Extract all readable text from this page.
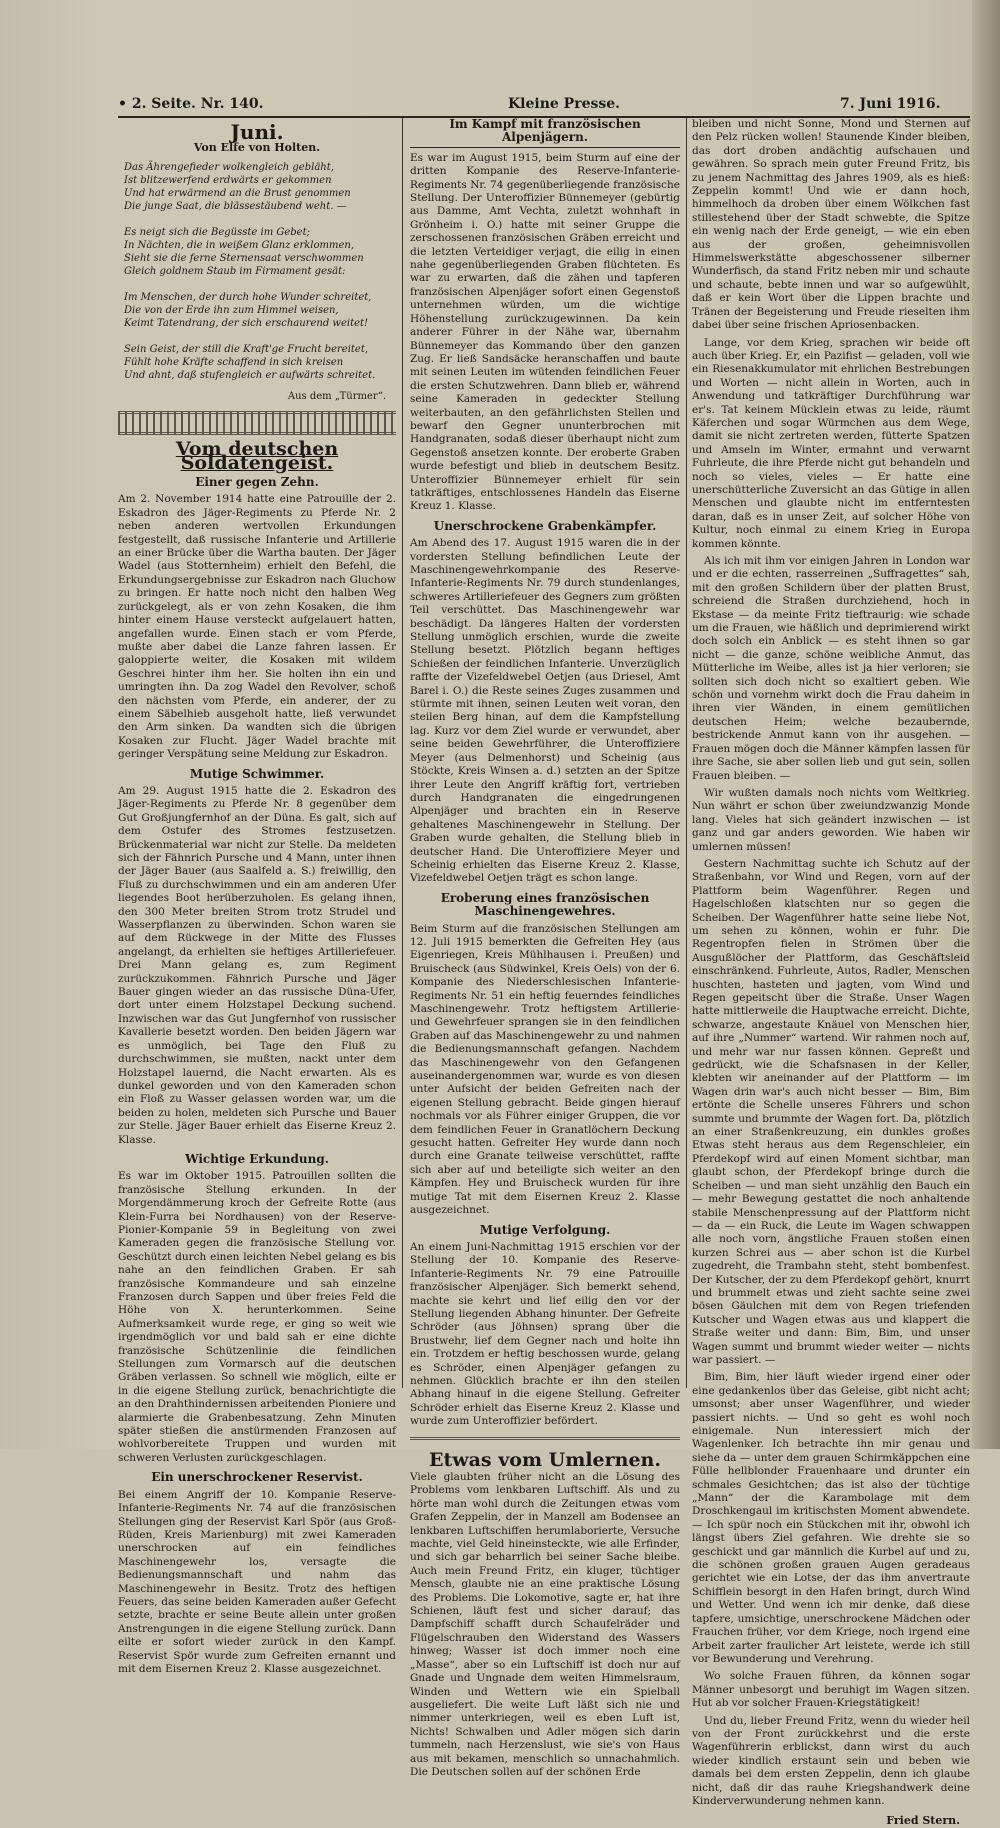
• 2. Seite. Nr. 140.	Kleine Presse.	7. Juni 1916.
Juni.
Von Elfe von Holten.
Das Ährengefieder wolkengleich gebläht,
Ist blitzewerfend erdwärts er gekommen
Und hat erwärmend an die Brust genommen
Die junge Saat, die blässestäubend weht. —

Es neigt sich die Begüsste im Gebet;
In Nächten, die in weißem Glanz erklommen,
Sieht sie die ferne Sternensaat verschwommen
Gleich goldnem Staub im Firmament gesät:

Im Menschen, der durch hohe Wunder schreitet,
Die von der Erde ihn zum Himmel weisen,
Keimt Tatendrang, der sich erschaurend weitet!

Sein Geist, der still die Kraft'ge Frucht bereitet,
Fühlt hohe Kräfte schaffend in sich kreisen
Und ahnt, daß stufengleich er aufwärts schreitet.
Aus dem „Türmer“.
Vom deutschen Soldatengeist.
Einer gegen Zehn.

Am 2. November 1914 hatte eine Patrouille der 2. Eskadron des Jäger-Regiments zu Pferde Nr. 2 neben anderen wertvollen Erkundungen festgestellt, daß russische Infanterie und Artillerie an einer Brücke über die Wartha bauten. Der Jäger Wadel (aus Stotternheim) erhielt den Befehl, die Erkundungsergebnisse zur Eskadron nach Gluchow zu bringen. Er hatte noch nicht den halben Weg zurückgelegt, als er von zehn Kosaken, die ihm hinter einem Hause versteckt aufgelauert hatten, angefallen wurde. Einen stach er vom Pferde, mußte aber dabei die Lanze fahren lassen. Er galoppierte weiter, die Kosaken mit wildem Geschrei hinter ihm her. Sie holten ihn ein und umringten ihn. Da zog Wadel den Revolver, schoß den nächsten vom Pferde, ein anderer, der zu einem Säbelhieb ausgeholt hatte, ließ verwundet den Arm sinken. Da wandten sich die übrigen Kosaken zur Flucht. Jäger Wadel brachte mit geringer Verspätung seine Meldung zur Eskadron.

Mutige Schwimmer.

Am 29. August 1915 hatte die 2. Eskadron des Jäger-Regiments zu Pferde Nr. 8 gegenüber dem Gut Großjungfernhof an der Düna. Es galt, sich auf dem Ostufer des Stromes festzusetzen. Brückenmaterial war nicht zur Stelle. Da meldeten sich der Fähnrich Pursche und 4 Mann, unter ihnen der Jäger Bauer (aus Saalfeld a. S.) freiwillig, den Fluß zu durchschwimmen und ein am anderen Ufer liegendes Boot herüberzuholen. Es gelang ihnen, den 300 Meter breiten Strom trotz Strudel und Wasserpflanzen zu überwinden. Schon waren sie auf dem Rückwege in der Mitte des Flusses angelangt, da erhielten sie heftiges Artilleriefeuer. Drei Mann gelang es, zum Regiment zurückzukommen. Fähnrich Pursche und Jäger Bauer gingen wieder an das russische Düna-Ufer, dort unter einem Holzstapel Deckung suchend. Inzwischen war das Gut Jungfernhof von russischer Kavallerie besetzt worden. Den beiden Jägern war es unmöglich, bei Tage den Fluß zu durchschwimmen, sie mußten, nackt unter dem Holzstapel lauernd, die Nacht erwarten. Als es dunkel geworden und von den Kameraden schon ein Floß zu Wasser gelassen worden war, um die beiden zu holen, meldeten sich Pursche und Bauer zur Stelle. Jäger Bauer erhielt das Eiserne Kreuz 2. Klasse.

Wichtige Erkundung.

Es war im Oktober 1915. Patrouillen sollten die französische Stellung erkunden. In der Morgendämmerung kroch der Gefreite Rotte (aus Klein-Furra bei Nordhausen) von der Reserve-Pionier-Kompanie 59 in Begleitung von zwei Kameraden gegen die französische Stellung vor. Geschützt durch einen leichten Nebel gelang es bis nahe an den feindlichen Graben. Er sah französische Kommandeure und sah einzelne Franzosen durch Sappen und über freies Feld die Höhe von X. herunterkommen. Seine Aufmerksamkeit wurde rege, er ging so weit wie irgendmöglich vor und bald sah er eine dichte französische Schützenlinie die feindlichen Stellungen zum Vormarsch auf die deutschen Gräben verlassen. So schnell wie möglich, eilte er in die eigene Stellung zurück, benachrichtigte die an den Drahthindernissen arbeitenden Pioniere und alarmierte die Grabenbesatzung. Zehn Minuten später stießen die anstürmenden Franzosen auf wohlvorbereitete Truppen und wurden mit schweren Verlusten zurückgeschlagen.

Ein unerschrockener Reservist.

Bei einem Angriff der 10. Kompanie Reserve-Infanterie-Regiments Nr. 74 auf die französischen Stellungen ging der Reservist Karl Spör (aus Groß-Rüden, Kreis Marienburg) mit zwei Kameraden unerschrocken auf ein feindliches Maschinengewehr los, versagte die Bedienungsmannschaft und nahm das Maschinengewehr in Besitz. Trotz des heftigen Feuers, das seine beiden Kameraden außer Gefecht setzte, brachte er seine Beute allein unter großen Anstrengungen in die eigene Stellung zurück. Dann eilte er sofort wieder zurück in den Kampf. Reservist Spör wurde zum Gefreiten ernannt und mit dem Eisernen Kreuz 2. Klasse ausgezeichnet.

Im Kampf mit französischen Alpenjägern.

Es war im August 1915, beim Sturm auf eine der dritten Kompanie des Reserve-Infanterie-Regiments Nr. 74 gegenüberliegende französische Stellung. Der Unteroffizier Bünnemeyer (gebürtig aus Damme, Amt Vechta, zuletzt wohnhaft in Grönheim i. O.) hatte mit seiner Gruppe die zerschossenen französischen Gräben erreicht und die letzten Verteidiger verjagt, die eilig in einen nahe gegenüberliegenden Graben flüchteten. Es war zu erwarten, daß die zähen und tapferen französischen Alpenjäger sofort einen Gegenstoß unternehmen würden, um die wichtige Höhenstellung zurückzugewinnen. Da kein anderer Führer in der Nähe war, übernahm Bünnemeyer das Kommando über den ganzen Zug. Er ließ Sandsäcke heranschaffen und baute mit seinen Leuten im wütenden feindlichen Feuer die ersten Schutzwehren. Dann blieb er, während seine Kameraden in gedeckter Stellung weiterbauten, an den gefährlichsten Stellen und bewarf den Gegner ununterbrochen mit Handgranaten, sodaß dieser überhaupt nicht zum Gegenstoß ansetzen konnte. Der eroberte Graben wurde befestigt und blieb in deutschem Besitz. Unteroffizier Bünnemeyer erhielt für sein tatkräftiges, entschlossenes Handeln das Eiserne Kreuz 1. Klasse.

Unerschrockene Grabenkämpfer.

Am Abend des 17. August 1915 waren die in der vordersten Stellung befindlichen Leute der Maschinengewehrkompanie des Reserve-Infanterie-Regiments Nr. 79 durch stundenlanges, schweres Artilleriefeuer des Gegners zum größten Teil verschüttet. Das Maschinengewehr war beschädigt. Da längeres Halten der vordersten Stellung unmöglich erschien, wurde die zweite Stellung besetzt. Plötzlich begann heftiges Schießen der feindlichen Infanterie. Unverzüglich raffte der Vizefeldwebel Oetjen (aus Driesel, Amt Barel i. O.) die Reste seines Zuges zusammen und stürmte mit ihnen, seinen Leuten weit voran, den steilen Berg hinan, auf dem die Kampfstellung lag. Kurz vor dem Ziel wurde er verwundet, aber seine beiden Gewehrführer, die Unteroffiziere Meyer (aus Delmenhorst) und Scheinig (aus Stöckte, Kreis Winsen a. d.) setzten an der Spitze ihrer Leute den Angriff kräftig fort, vertrieben durch Handgranaten die eingedrungenen Alpenjäger und brachten ein in Reserve gehaltenes Maschinengewehr in Stellung. Der Graben wurde gehalten, die Stellung blieb in deutscher Hand. Die Unteroffiziere Meyer und Scheinig erhielten das Eiserne Kreuz 2. Klasse, Vizefeldwebel Oetjen trägt es schon lange.

Eroberung eines französischen Maschinengewehres.

Beim Sturm auf die französischen Stellungen am 12. Juli 1915 bemerkten die Gefreiten Hey (aus Eigenriegen, Kreis Mühlhausen i. Preußen) und Bruischeck (aus Südwinkel, Kreis Oels) von der 6. Kompanie des Niederschlesischen Infanterie-Regiments Nr. 51 ein heftig feuerndes feindliches Maschinengewehr. Trotz heftigstem Artillerie- und Gewehrfeuer sprangen sie in den feindlichen Graben auf das Maschinengewehr zu und nahmen die Bedienungsmannschaft gefangen. Nachdem das Maschinengewehr von den Gefangenen auseinandergenommen war, wurde es von diesen unter Aufsicht der beiden Gefreiten nach der eigenen Stellung gebracht. Beide gingen hierauf nochmals vor als Führer einiger Gruppen, die vor dem feindlichen Feuer in Granatlöchern Deckung gesucht hatten. Gefreiter Hey wurde dann noch durch eine Granate teilweise verschüttet, raffte sich aber auf und beteiligte sich weiter an den Kämpfen. Hey und Bruischeck wurden für ihre mutige Tat mit dem Eisernen Kreuz 2. Klasse ausgezeichnet.

Mutige Verfolgung.

An einem Juni-Nachmittag 1915 erschien vor der Stellung der 10. Kompanie des Reserve-Infanterie-Regiments Nr. 79 eine Patrouille französischer Alpenjäger. Sich bemerkt sehend, machte sie kehrt und lief eilig den vor der Stellung liegenden Abhang hinunter. Der Gefreite Schröder (aus Jöhnsen) sprang über die Brustwehr, lief dem Gegner nach und holte ihn ein. Trotzdem er heftig beschossen wurde, gelang es Schröder, einen Alpenjäger gefangen zu nehmen. Glücklich brachte er ihn den steilen Abhang hinauf in die eigene Stellung. Gefreiter Schröder erhielt das Eiserne Kreuz 2. Klasse und wurde zum Unteroffizier befördert.

Etwas vom Umlernen.

Viele glaubten früher nicht an die Lösung des Problems vom lenkbaren Luftschiff. Als und zu hörte man wohl durch die Zeitungen etwas vom Grafen Zeppelin, der in Manzell am Bodensee an lenkbaren Luftschiffen herumlaborierte, Versuche machte, viel Geld hineinsteckte, wie alle Erfinder, und sich gar beharrlich bei seiner Sache bleibe. Auch mein Freund Fritz, ein kluger, tüchtiger Mensch, glaubte nie an eine praktische Lösung des Problems. Die Lokomotive, sagte er, hat ihre Schienen, läuft fest und sicher darauf; das Dampfschiff schafft durch Schaufelräder und Flügelschrauben den Widerstand des Wassers hinweg; Wasser ist doch immer noch eine „Masse“, aber so ein Luftschiff ist doch nur auf Gnade und Ungnade dem weiten Himmelsraum, Winden und Wettern wie ein Spielball ausgeliefert. Die weite Luft läßt sich nie und nimmer unterkriegen, weil es eben Luft ist, Nichts! Schwalben und Adler mögen sich darin tummeln, nach Herzenslust, wie sie's von Haus aus mit bekamen, menschlich so unnachahmlich. Die Deutschen sollen auf der schönen Erde

bleiben und nicht Sonne, Mond und Sternen auf den Pelz rücken wollen! Staunende Kinder bleiben, das dort droben andächtig aufschauen und gewähren. So sprach mein guter Freund Fritz, bis zu jenem Nachmittag des Jahres 1909, als es hieß: Zeppelin kommt! Und wie er dann hoch, himmelhoch da droben über einem Wölkchen fast stillestehend über der Stadt schwebte, die Spitze ein wenig nach der Erde geneigt, — wie ein eben aus der großen, geheimnisvollen Himmelswerkstätte abgeschossener silberner Wunderfisch, da stand Fritz neben mir und schaute und schaute, bebte innen und war so aufgewühlt, daß er kein Wort über die Lippen brachte und Tränen der Begeisterung und Freude rieselten ihm dabei über seine frischen Apriosenbacken.

Lange, vor dem Krieg, sprachen wir beide oft auch über Krieg. Er, ein Pazifist — geladen, voll wie ein Riesenakkumulator mit ehrlichen Bestrebungen und Worten — nicht allein in Worten, auch in Anwendung und tatkräftiger Durchführung war er's. Tat keinem Mücklein etwas zu leide, räumt Käferchen und sogar Würmchen aus dem Wege, damit sie nicht zertreten werden, fütterte Spatzen und Amseln im Winter, ermahnt und verwarnt Fuhrleute, die ihre Pferde nicht gut behandeln und noch so vieles, vieles — Er hatte eine unerschütterliche Zuversicht an das Gütige in allen Menschen und glaubte nicht im entferntesten daran, daß es in unser Zeit, auf solcher Höhe von Kultur, noch einmal zu einem Krieg in Europa kommen könnte.

Als ich mit ihm vor einigen Jahren in London war und er die echten, rasserreinen „Suffragettes“ sah, mit den großen Schildern über der platten Brust, schreiend die Straßen durchziehend, hoch in Ekstase — da meinte Fritz tieftraurig: wie schade um die Frauen, wie häßlich und deprimierend wirkt doch solch ein Anblick — es steht ihnen so gar nicht — die ganze, schöne weibliche Anmut, das Mütterliche im Weibe, alles ist ja hier verloren; sie sollten sich doch nicht so exaltiert geben. Wie schön und vornehm wirkt doch die Frau daheim in ihren vier Wänden, in einem gemütlichen deutschen Heim; welche bezaubernde, bestrickende Anmut kann von ihr ausgehen. — Frauen mögen doch die Männer kämpfen lassen für ihre Sache, sie aber sollen lieb und gut sein, sollen Frauen bleiben. —

Wir wußten damals noch nichts vom Weltkrieg. Nun währt er schon über zweiundzwanzig Monde lang. Vieles hat sich geändert inzwischen — ist ganz und gar anders geworden. Wie haben wir umlernen müssen!

Gestern Nachmittag suchte ich Schutz auf der Straßenbahn, vor Wind und Regen, vorn auf der Plattform beim Wagenführer. Regen und Hagelschloßen klatschten nur so gegen die Scheiben. Der Wagenführer hatte seine liebe Not, um sehen zu können, wohin er fuhr. Die Regentropfen fielen in Strömen über die Ausgußlöcher der Plattform, das Geschäftsleid einschränkend. Fuhrleute, Autos, Radler, Menschen huschten, hasteten und jagten, vom Wind und Regen gepeitscht über die Straße. Unser Wagen hatte mittlerweile die Hauptwache erreicht. Dichte, schwarze, angestaute Knäuel von Menschen hier, auf ihre „Nummer“ wartend. Wir rahmen noch auf, und mehr war nur fassen können. Gepreßt und gedrückt, wie die Schafsnasen in der Keller, klebten wir aneinander auf der Plattform — im Wagen drin war's auch nicht besser — Bim, Bim ertönte die Schelle unseres Führers und schon summte und brummte der Wagen fort. Da, plötzlich an einer Straßenkreuzung, ein dunkles großes Etwas steht heraus aus dem Regenschleier, ein Pferdekopf wird auf einen Moment sichtbar, man glaubt schon, der Pferdekopf bringe durch die Scheiben — und man sieht unzählig den Bauch ein — mehr Bewegung gestattet die noch anhaltende stabile Menschenpressung auf der Plattform nicht — da — ein Ruck, die Leute im Wagen schwappen alle noch vorn, ängstliche Frauen stoßen einen kurzen Schrei aus — aber schon ist die Kurbel zugedreht, die Trambahn steht, steht bombenfest. Der Kutscher, der zu dem Pferdekopf gehört, knurrt und brummelt etwas und zieht sachte seine zwei bösen Gäulchen mit dem von Regen triefenden Kutscher und Wagen etwas aus und klappert die Straße weiter und dann: Bim, Bim, und unser Wagen summt und brummt wieder weiter — nichts war passiert. —

Bim, Bim, hier läuft wieder irgend einer oder eine gedankenlos über das Geleise, gibt nicht acht; umsonst; aber unser Wagenführer, und wieder passiert nichts. — Und so geht es wohl noch einigemale. Nun interessiert mich der Wagenlenker. Ich betrachte ihn mir genau und siehe da — unter dem grauen Schirmkäppchen eine Fülle hellblonder Frauenhaare und drunter ein schmales Gesichtchen; das ist also der tüchtige „Mann“ der die Karambolage mit dem Droschkengaul im kritischsten Moment abwendete. — Ich spür noch ein Stückchen mit ihr, obwohl ich längst übers Ziel gefahren. Wie drehte sie so geschickt und gar männlich die Kurbel auf und zu, die schönen großen grauen Augen geradeaus gerichtet wie ein Lotse, der das ihm anvertraute Schifflein besorgt in den Hafen bringt, durch Wind und Wetter. Und wenn ich mir denke, daß diese tapfere, umsichtige, unerschrockene Mädchen oder Frauchen früher, vor dem Kriege, noch irgend eine Arbeit zarter fraulicher Art leistete, werde ich still vor Bewunderung und Verehrung.

Wo solche Frauen führen, da können sogar Männer unbesorgt und beruhigt im Wagen sitzen. Hut ab vor solcher Frauen-Kriegstätigkeit!

Und du, lieber Freund Fritz, wenn du wieder heil von der Front zurückkehrst und die erste Wagenführerin erblickst, dann wirst du auch wieder kindlich erstaunt sein und beben wie damals bei dem ersten Zeppelin, denn ich glaube nicht, daß dir das rauhe Kriegshandwerk deine Kinderverwunderung nehmen kann.

Fried Stern.
